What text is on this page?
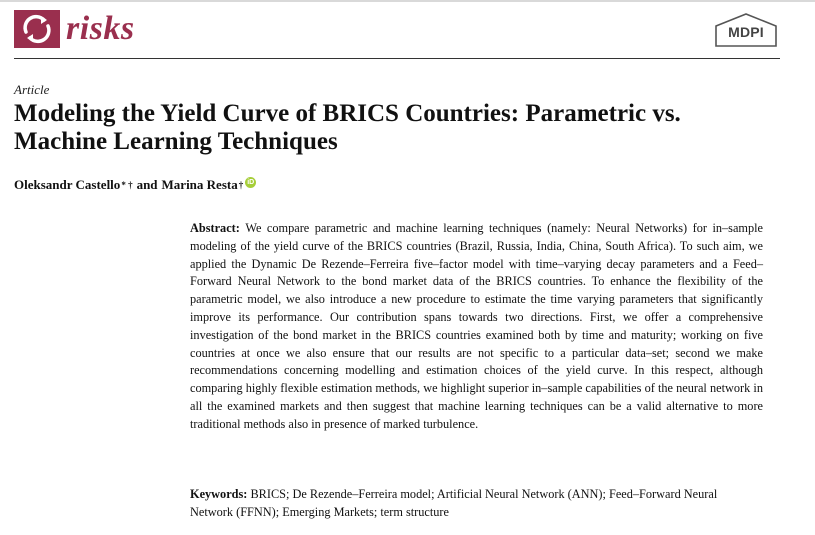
risks	MDPI
Article
Modeling the Yield Curve of BRICS Countries: Parametric vs.
Machine Learning Techniques
Oleksandr Castello * † and Marina Resta † iD
Abstract: We compare parametric and machine learning techniques (namely: Neural Networks) for in–sample modeling of the yield curve of the BRICS countries (Brazil, Russia, India, China, South Africa). To such aim, we applied the Dynamic De Rezende–Ferreira five–factor model with time–varying decay parameters and a Feed–Forward Neural Network to the bond market data of the BRICS countries. To enhance the flexibility of the parametric model, we also introduce a new procedure to estimate the time varying parameters that significantly improve its performance. Our contribution spans towards two directions. First, we offer a comprehensive investigation of the bond market in the BRICS countries examined both by time and maturity; working on five countries at once we also ensure that our results are not specific to a particular data–set; second we make recommendations concerning modelling and estimation choices of the yield curve. In this respect, although comparing highly flexible estimation methods, we highlight superior in–sample capabilities of the neural network in all the examined markets and then suggest that machine learning techniques can be a valid alternative to more traditional methods also in presence of marked turbulence.
Keywords: BRICS; De Rezende–Ferreira model; Artificial Neural Network (ANN); Feed–Forward Neural Network (FFNN); Emerging Markets; term structure
